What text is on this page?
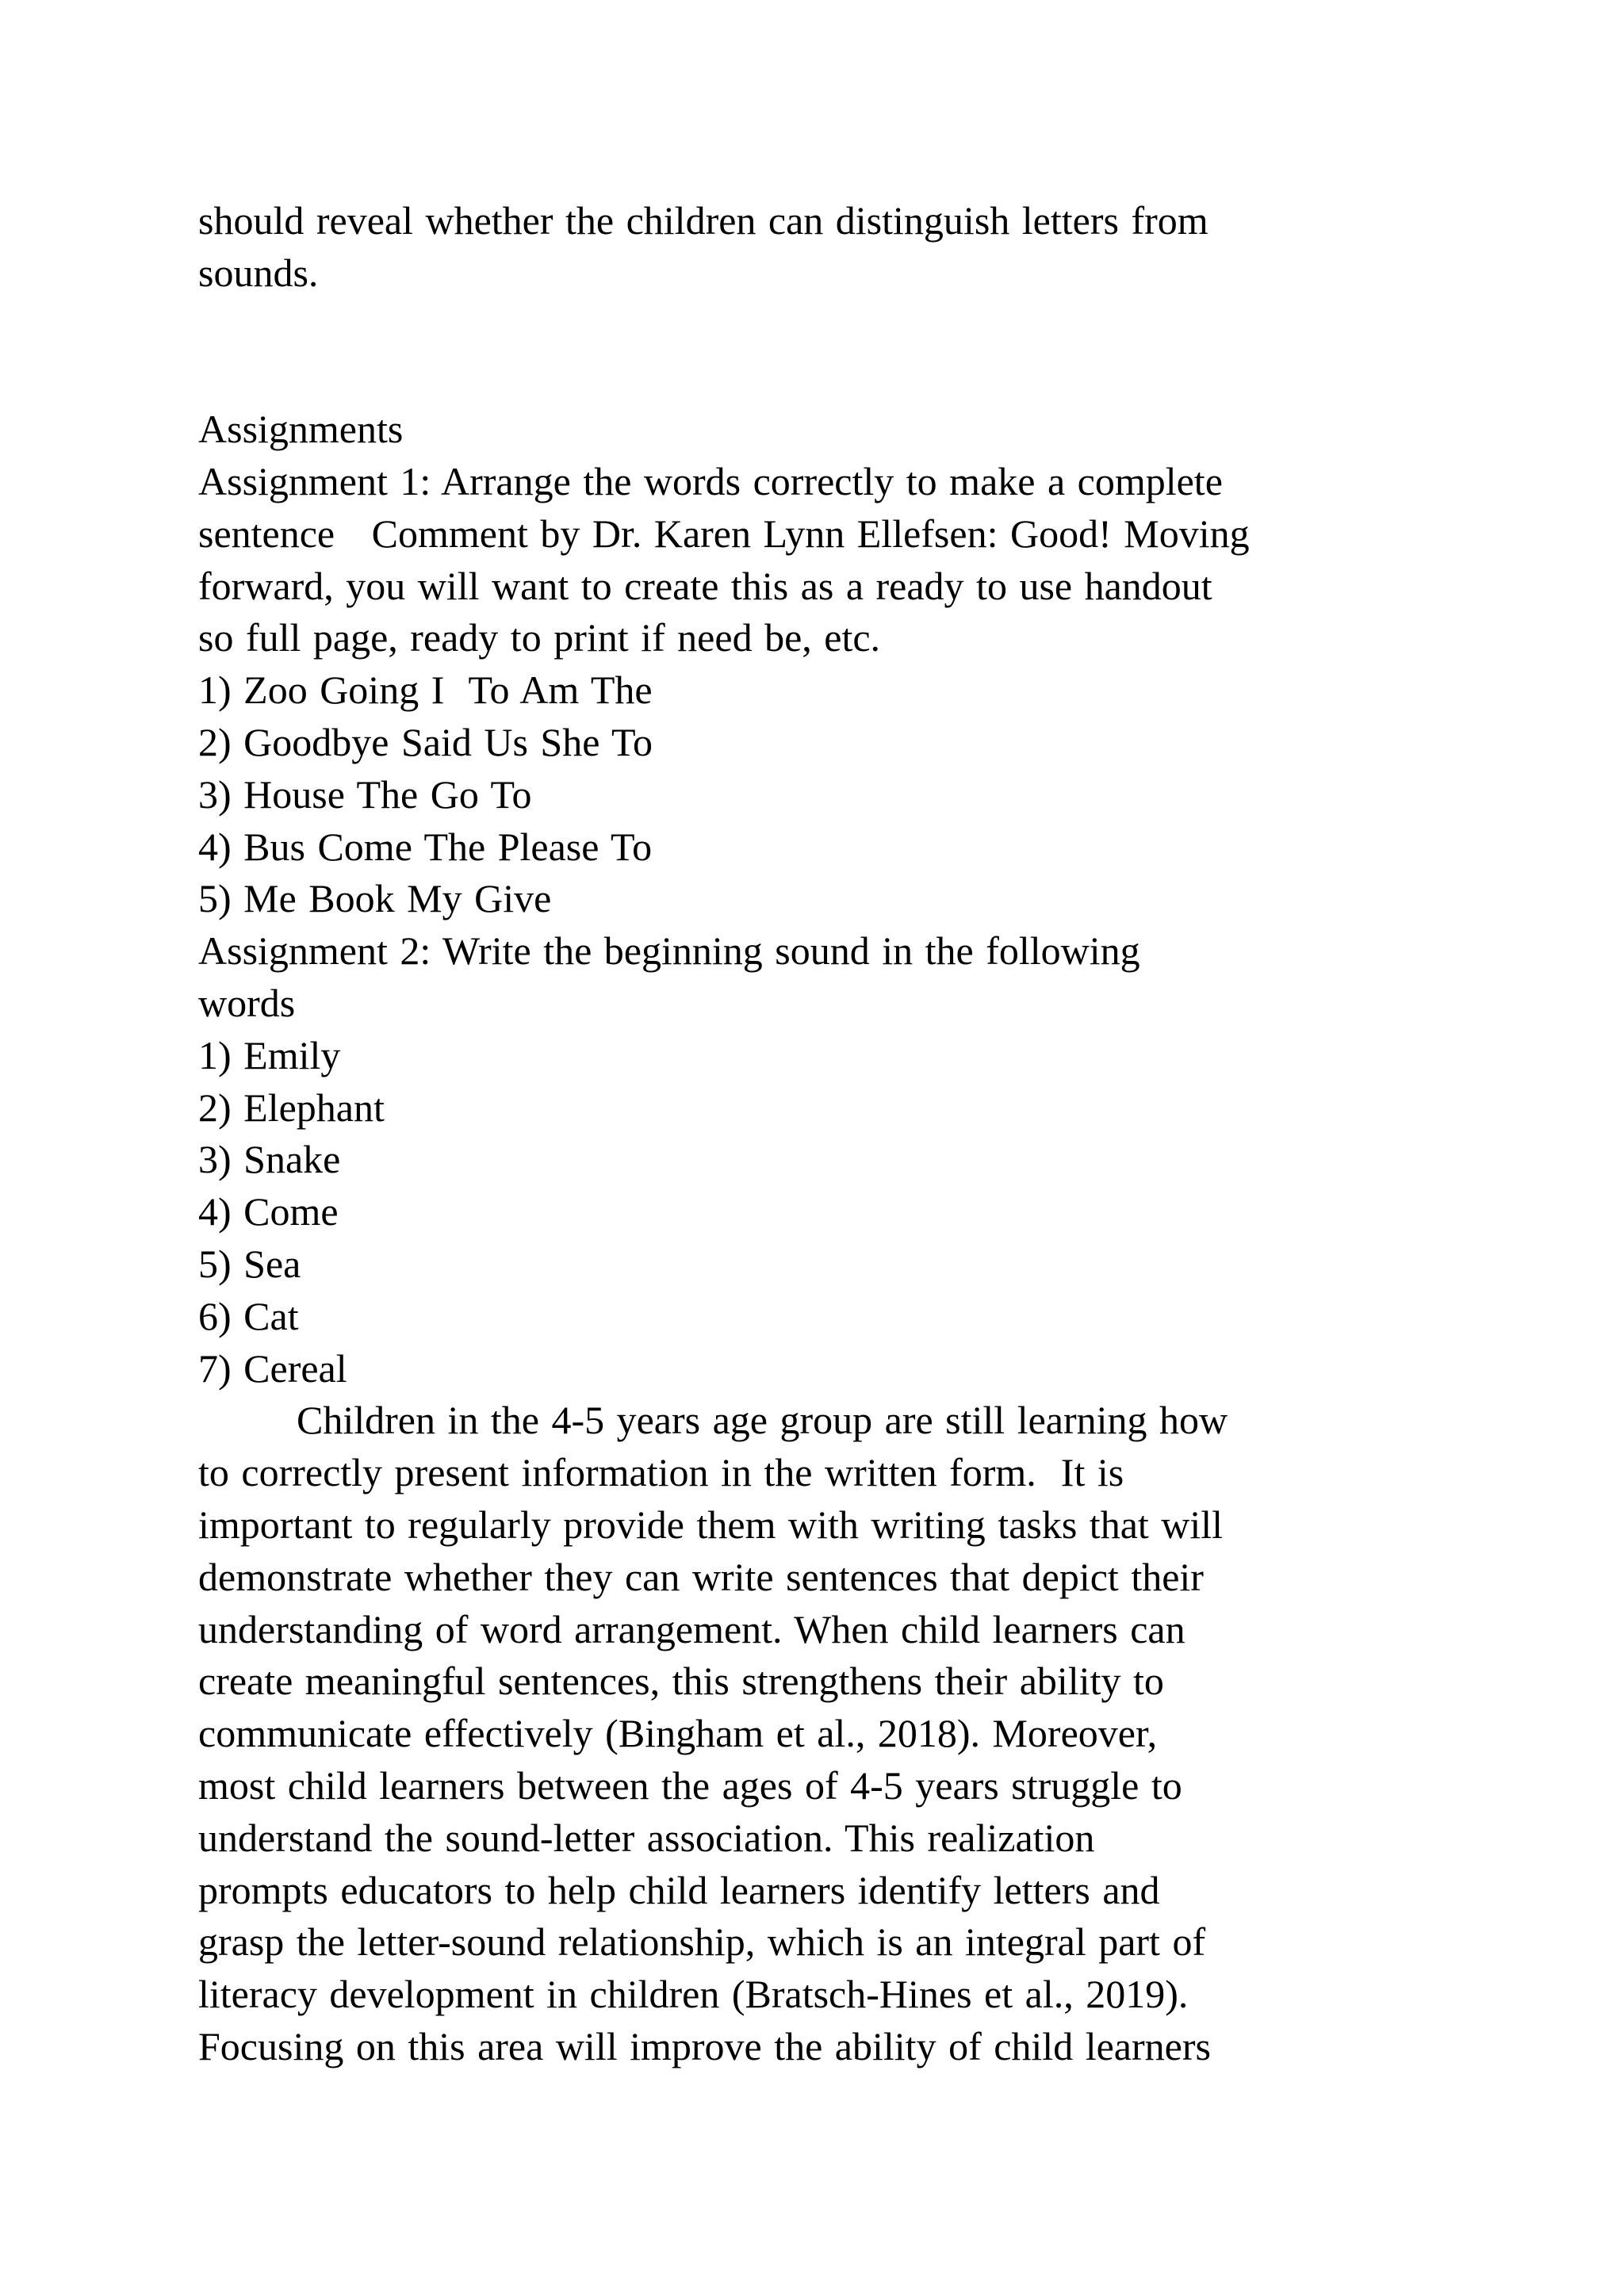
should reveal whether the children can distinguish letters from
sounds.
Assignments
Assignment 1: Arrange the words correctly to make a complete
sentence   Comment by Dr. Karen Lynn Ellefsen: Good! Moving
forward, you will want to create this as a ready to use handout
so full page, ready to print if need be, etc.
1) Zoo Going I  To Am The
2) Goodbye Said Us She To
3) House The Go To
4) Bus Come The Please To
5) Me Book My Give
Assignment 2: Write the beginning sound in the following
words
1) Emily
2) Elephant
3) Snake
4) Come
5) Sea
6) Cat
7) Cereal
Children in the 4-5 years age group are still learning how
to correctly present information in the written form.  It is
important to regularly provide them with writing tasks that will
demonstrate whether they can write sentences that depict their
understanding of word arrangement. When child learners can
create meaningful sentences, this strengthens their ability to
communicate effectively (Bingham et al., 2018). Moreover,
most child learners between the ages of 4-5 years struggle to
understand the sound-letter association. This realization
prompts educators to help child learners identify letters and
grasp the letter-sound relationship, which is an integral part of
literacy development in children (Bratsch-Hines et al., 2019).
Focusing on this area will improve the ability of child learners
